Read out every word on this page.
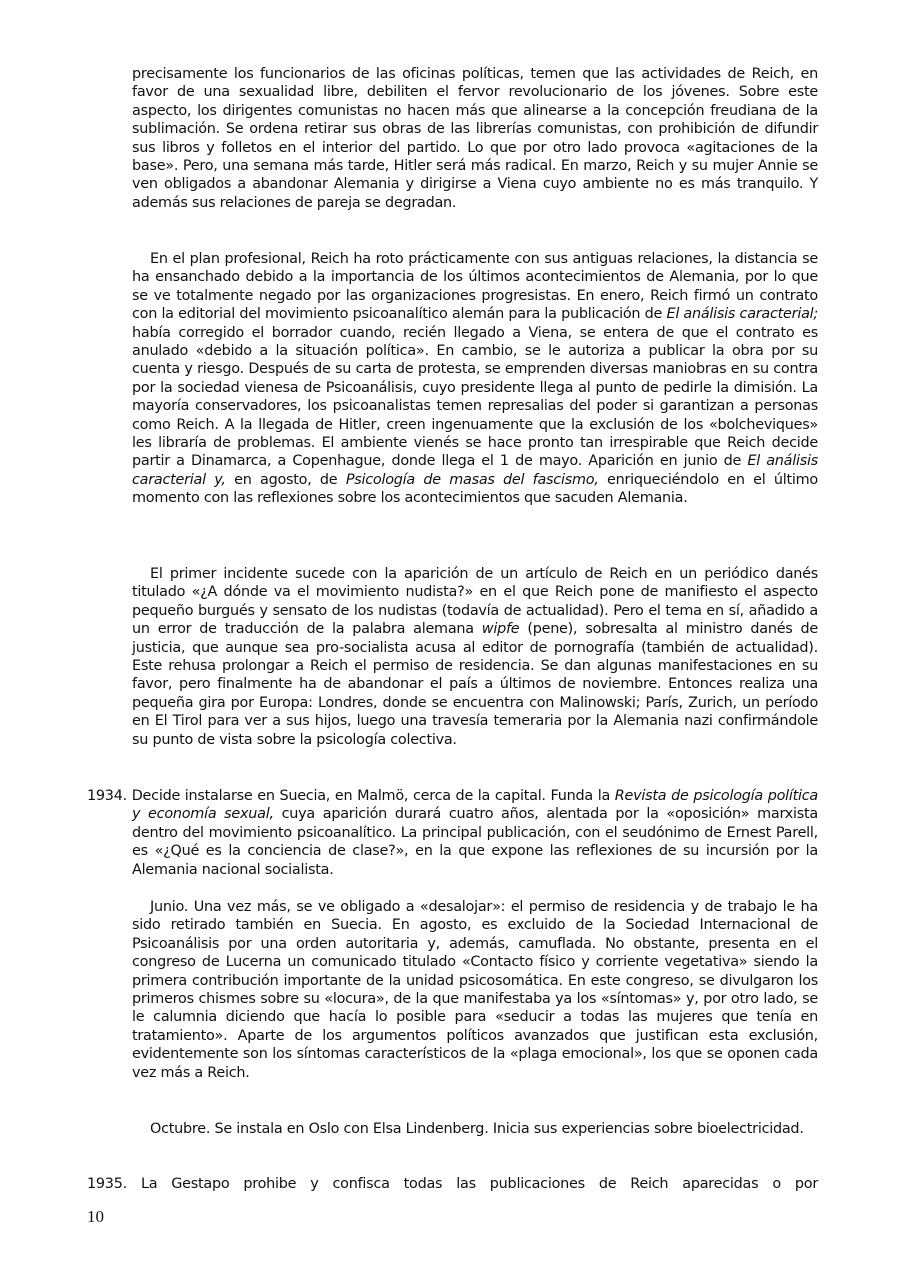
precisamente los funcionarios de las oficinas políticas, temen que las actividades de Reich, en favor de una sexualidad libre, debiliten el fervor revolucionario de los jóvenes. Sobre este aspecto, los dirigentes comunistas no hacen más que alinearse a la concepción freudiana de la sublimación. Se ordena retirar sus obras de las librerías comunistas, con prohibición de difundir sus libros y folletos en el interior del partido. Lo que por otro lado provoca «agitaciones de la base». Pero, una semana más tarde, Hitler será más radical. En marzo, Reich y su mujer Annie se ven obligados a abandonar Alemania y dirigirse a Viena cuyo ambiente no es más tranquilo. Y además sus relaciones de pareja se degradan.

En el plan profesional, Reich ha roto prácticamente con sus antiguas relaciones, la distancia se ha ensanchado debido a la importancia de los últimos acontecimientos de Alemania, por lo que se ve totalmente negado por las organizaciones progresistas. En enero, Reich firmó un contrato con la editorial del movimiento psicoanalítico alemán para la publicación de El análisis caracterial; había corregido el borrador cuando, recién llegado a Viena, se entera de que el contrato es anulado «debido a la situación política». En cambio, se le autoriza a publicar la obra por su cuenta y riesgo. Después de su carta de protesta, se emprenden diversas maniobras en su contra por la sociedad vienesa de Psicoanálisis, cuyo presidente llega al punto de pedirle la dimisión. La mayoría conservadores, los psicoanalistas temen represalias del poder si garantizan a personas como Reich. A la llegada de Hitler, creen ingenuamente que la exclusión de los «bolcheviques» les libraría de problemas. El ambiente vienés se hace pronto tan irrespirable que Reich decide partir a Dinamarca, a Copenhague, donde llega el 1 de mayo. Aparición en junio de El análisis caracterial y, en agosto, de Psicología de masas del fascismo, enriqueciéndolo en el último momento con las reflexiones sobre los acontecimientos que sacuden Alemania.

El primer incidente sucede con la aparición de un artículo de Reich en un periódico danés titulado «¿A dónde va el movimiento nudista?» en el que Reich pone de manifiesto el aspecto pequeño burgués y sensato de los nudistas (todavía de actualidad). Pero el tema en sí, añadido a un error de traducción de la palabra alemana wipfe (pene), sobresalta al ministro danés de justicia, que aunque sea pro-socialista acusa al editor de pornografía (también de actualidad). Este rehusa prolongar a Reich el permiso de residencia. Se dan algunas manifestaciones en su favor, pero finalmente ha de abandonar el país a últimos de noviembre. Entonces realiza una pequeña gira por Europa: Londres, donde se encuentra con Malinowski; París, Zurich, un período en El Tirol para ver a sus hijos, luego una travesía temeraria por la Alemania nazi confirmándole su punto de vista sobre la psicología colectiva.

1934. Decide instalarse en Suecia, en Malmö, cerca de la capital. Funda la Revista de psicología política y economía sexual, cuya aparición durará cuatro años, alentada por la «oposición» marxista dentro del movimiento psicoanalítico. La principal publicación, con el seudónimo de Ernest Parell, es «¿Qué es la conciencia de clase?», en la que expone las reflexiones de su incursión por la Alemania nacional socialista.

Junio. Una vez más, se ve obligado a «desalojar»: el permiso de residencia y de trabajo le ha sido retirado también en Suecia. En agosto, es excluido de la Sociedad Internacional de Psicoanálisis por una orden autoritaria y, además, camuflada. No obstante, presenta en el congreso de Lucerna un comunicado titulado «Contacto físico y corriente vegetativa» siendo la primera contribución importante de la unidad psicosomática. En este congreso, se divulgaron los primeros chismes sobre su «locura», de la que manifestaba ya los «síntomas» y, por otro lado, se le calumnia diciendo que hacía lo posible para «seducir a todas las mujeres que tenía en tratamiento». Aparte de los argumentos políticos avanzados que justifican esta exclusión, evidentemente son los síntomas característicos de la «plaga emocional», los que se oponen cada vez más a Reich.

Octubre. Se instala en Oslo con Elsa Lindenberg. Inicia sus experiencias sobre bioelectricidad.

1935. La Gestapo prohibe y confisca todas las publicaciones de Reich aparecidas o por

10
